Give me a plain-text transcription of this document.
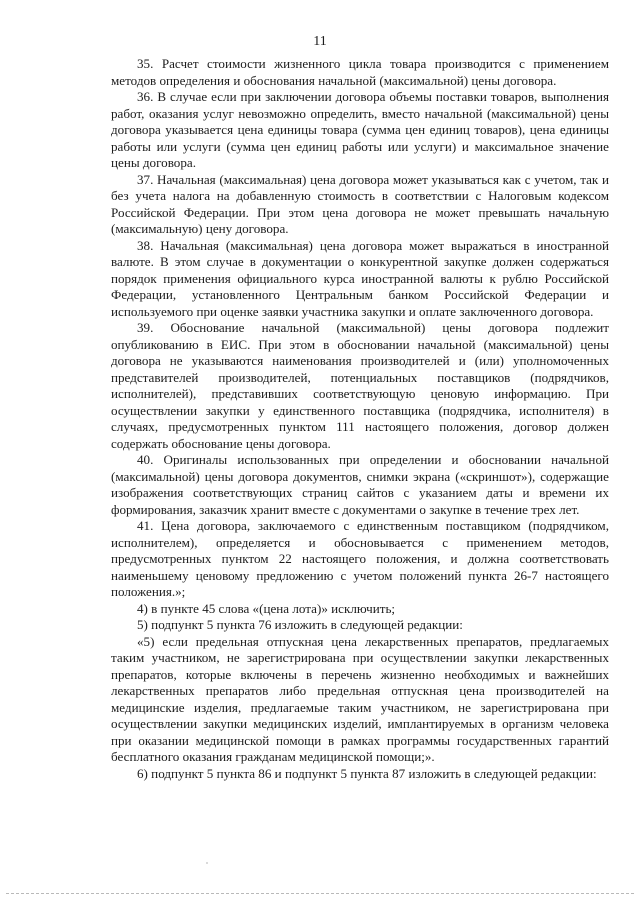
11

35. Расчет стоимости жизненного цикла товара производится с применением методов определения и обоснования начальной (максимальной) цены договора.

36. В случае если при заключении договора объемы поставки товаров, выполнения работ, оказания услуг невозможно определить, вместо начальной (максимальной) цены договора указывается цена единицы товара (сумма цен единиц товаров), цена единицы работы или услуги (сумма цен единиц работы или услуги) и максимальное значение цены договора.

37. Начальная (максимальная) цена договора может указываться как с учетом, так и без учета налога на добавленную стоимость в соответствии с Налоговым кодексом Российской Федерации. При этом цена договора не может превышать начальную (максимальную) цену договора.

38. Начальная (максимальная) цена договора может выражаться в иностранной валюте. В этом случае в документации о конкурентной закупке должен содержаться порядок применения официального курса иностранной валюты к рублю Российской Федерации, установленного Центральным банком Российской Федерации и используемого при оценке заявки участника закупки и оплате заключенного договора.

39. Обоснование начальной (максимальной) цены договора подлежит опубликованию в ЕИС. При этом в обосновании начальной (максимальной) цены договора не указываются наименования производителей и (или) уполномоченных представителей производителей, потенциальных поставщиков (подрядчиков, исполнителей), представивших соответствующую ценовую информацию. При осуществлении закупки у единственного поставщика (подрядчика, исполнителя) в случаях, предусмотренных пунктом 111 настоящего положения, договор должен содержать обоснование цены договора.

40. Оригиналы использованных при определении и обосновании начальной (максимальной) цены договора документов, снимки экрана («скриншот»), содержащие изображения соответствующих страниц сайтов с указанием даты и времени их формирования, заказчик хранит вместе с документами о закупке в течение трех лет.

41. Цена договора, заключаемого с единственным поставщиком (подрядчиком, исполнителем), определяется и обосновывается с применением методов, предусмотренных пунктом 22 настоящего положения, и должна соответствовать наименьшему ценовому предложению с учетом положений пункта 26-7 настоящего положения.»;

4) в пункте 45 слова «(цена лота)» исключить;

5) подпункт 5 пункта 76 изложить в следующей редакции:

«5) если предельная отпускная цена лекарственных препаратов, предлагаемых таким участником, не зарегистрирована при осуществлении закупки лекарственных препаратов, которые включены в перечень жизненно необходимых и важнейших лекарственных препаратов либо предельная отпускная цена производителей на медицинские изделия, предлагаемые таким участником, не зарегистрирована при осуществлении закупки медицинских изделий, имплантируемых в организм человека при оказании медицинской помощи в рамках программы государственных гарантий бесплатного оказания гражданам медицинской помощи;».

6) подпункт 5 пункта 86 и подпункт 5 пункта 87 изложить в следующей редакции:
